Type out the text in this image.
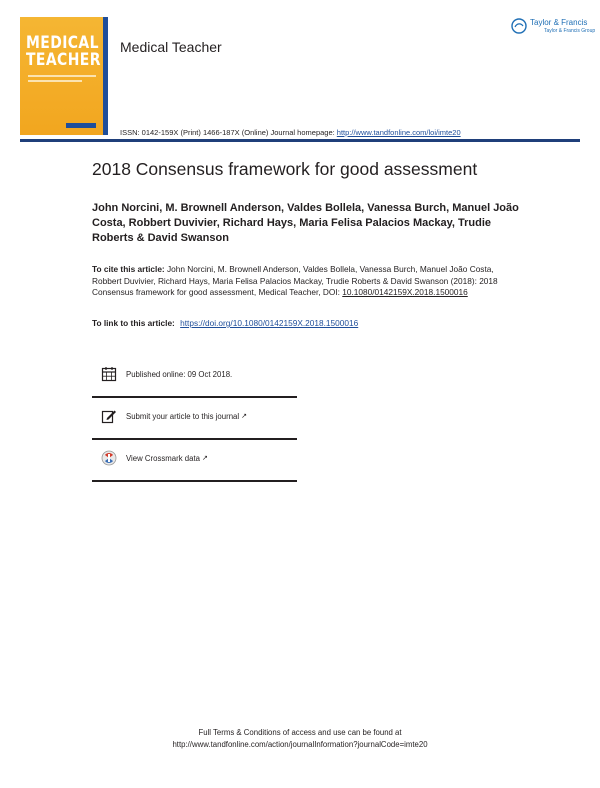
MEDICAL
TEACHER
Medical Teacher
ISSN: 0142-159X (Print) 1466-187X (Online) Journal homepage: http://www.tandfonline.com/loi/imte20
Taylor & Francis
Taylor & Francis Group
2018 Consensus framework for good assessment
John Norcini, M. Brownell Anderson, Valdes Bollela, Vanessa Burch, Manuel João Costa, Robbert Duvivier, Richard Hays, Maria Felisa Palacios Mackay, Trudie Roberts & David Swanson
To cite this article: John Norcini, M. Brownell Anderson, Valdes Bollela, Vanessa Burch, Manuel João Costa, Robbert Duvivier, Richard Hays, Maria Felisa Palacios Mackay, Trudie Roberts & David Swanson (2018): 2018 Consensus framework for good assessment, Medical Teacher, DOI: 10.1080/0142159X.2018.1500016
To link to this article: https://doi.org/10.1080/0142159X.2018.1500016
Published online: 09 Oct 2018.
Submit your article to this journal ↗
View Crossmark data ↗
Full Terms & Conditions of access and use can be found at
http://www.tandfonline.com/action/journalInformation?journalCode=imte20
